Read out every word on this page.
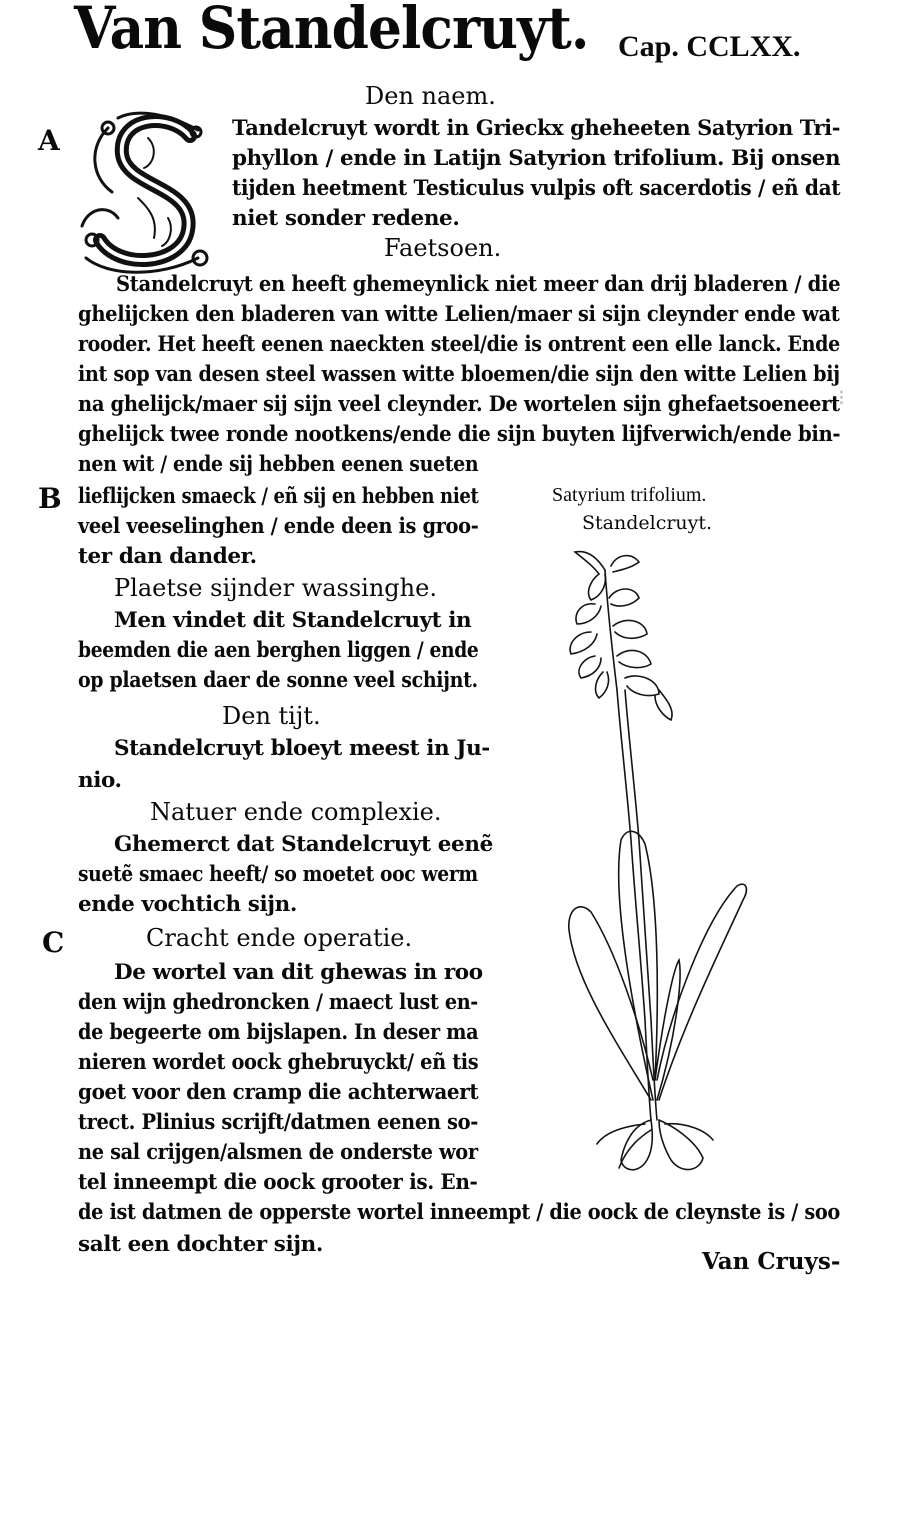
Van Standelcruyt. Cap. CCLXX.
Den naem.
A	Tandelcruyt wordt in Grieckx gheheeten Satyrion Tri-
phyllon / ende in Latijn Satyrion trifolium. Bij onsen
tijden heetment Testiculus vulpis oft sacerdotis / eñ dat
niet sonder redene.
Faetsoen.
Standelcruyt en heeft ghemeynlick niet meer dan drij bladeren / die
ghelijcken den bladeren van witte Lelien/maer si sijn cleynder ende wat
rooder. Het heeft eenen naeckten steel/die is ontrent een elle lanck. Ende
int sop van desen steel wassen witte bloemen/die sijn den witte Lelien bij
na ghelijck/maer sij sijn veel cleynder. De wortelen sijn ghefaetsoeneert
ghelijck twee ronde nootkens/ende die sijn buyten lijfverwich/ende bin-
nen wit / ende sij hebben eenen sueten
B lieflijcken smaeck / eñ sij en hebben niet
veel veeselinghen / ende deen is groo-
ter dan dander.
Plaetse sijnder wassinghe.
Men vindet dit Standelcruyt in
beemden die aen berghen liggen / ende
op plaetsen daer de sonne veel schijnt.
Den tijt.
Standelcruyt bloeyt meest in Ju-
nio.
Natuer ende complexie.
Ghemerct dat Standelcruyt eenẽ
suetẽ smaec heeft/ so moetet ooc werm
ende vochtich sijn.
C	Cracht ende operatie.
De wortel van dit ghewas in roo
den wijn ghedroncken / maect lust en-
de begeerte om bijslapen. In deser ma
nieren wordet oock ghebruyckt/ eñ tis
goet voor den cramp die achterwaert
trect. Plinius scrijft/datmen eenen so-
ne sal crijgen/alsmen de onderste wor
tel inneempt die oock grooter is. En-
de ist datmen de opperste wortel inneempt / die oock de cleynste is / soo
salt een dochter sijn.
Satyrium trifolium.
Standelcruyt.
⁝
Van Cruys-
